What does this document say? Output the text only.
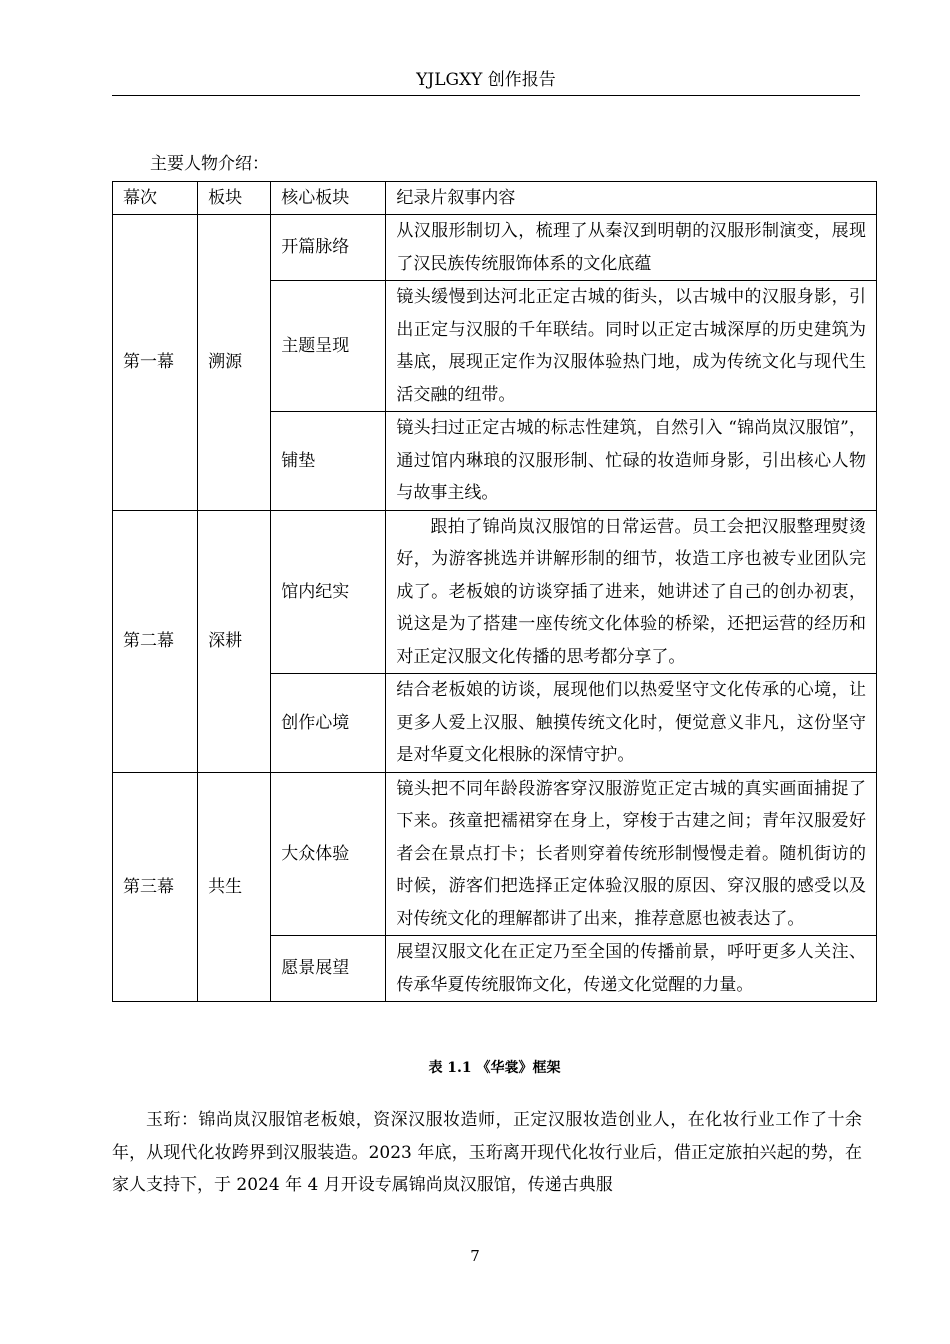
YJLGXY 创作报告
主要人物介绍：
幕次	板块	核心板块	纪录片叙事内容
第一幕	溯源	开篇脉络	从汉服形制切入，梳理了从秦汉到明朝的汉服形制演变，展现了汉民族传统服饰体系的文化底蕴
		主题呈现	镜头缓慢到达河北正定古城的街头，以古城中的汉服身影，引出正定与汉服的千年联结。同时以正定古城深厚的历史建筑为基底，展现正定作为汉服体验热门地，成为传统文化与现代生活交融的纽带。
		铺垫	镜头扫过正定古城的标志性建筑，自然引入 “锦尚岚汉服馆”，通过馆内琳琅的汉服形制、忙碌的妆造师身影，引出核心人物与故事主线。
第二幕	深耕	馆内纪实	跟拍了锦尚岚汉服馆的日常运营。员工会把汉服整理熨烫好，为游客挑选并讲解形制的细节，妆造工序也被专业团队完成了。老板娘的访谈穿插了进来，她讲述了自己的创办初衷，说这是为了搭建一座传统文化体验的桥梁，还把运营的经历和对正定汉服文化传播的思考都分享了。
		创作心境	结合老板娘的访谈，展现他们以热爱坚守文化传承的心境，让更多人爱上汉服、触摸传统文化时，便觉意义非凡，这份坚守是对华夏文化根脉的深情守护。
第三幕	共生	大众体验	镜头把不同年龄段游客穿汉服游览正定古城的真实画面捕捉了下来。孩童把襦裙穿在身上，穿梭于古建之间；青年汉服爱好者会在景点打卡；长者则穿着传统形制慢慢走着。随机街访的时候，游客们把选择正定体验汉服的原因、穿汉服的感受以及对传统文化的理解都讲了出来，推荐意愿也被表达了。
		愿景展望	展望汉服文化在正定乃至全国的传播前景，呼吁更多人关注、传承华夏传统服饰文化，传递文化觉醒的力量。
表 1.1 《华裳》框架
玉珩：锦尚岚汉服馆老板娘，资深汉服妆造师，正定汉服妆造创业人，在化妆行业工作了十余年，从现代化妆跨界到汉服装造。2023 年底，玉珩离开现代化妆行业后，借正定旅拍兴起的势，在家人支持下，于 2024 年 4 月开设专属锦尚岚汉服馆，传递古典服
7
